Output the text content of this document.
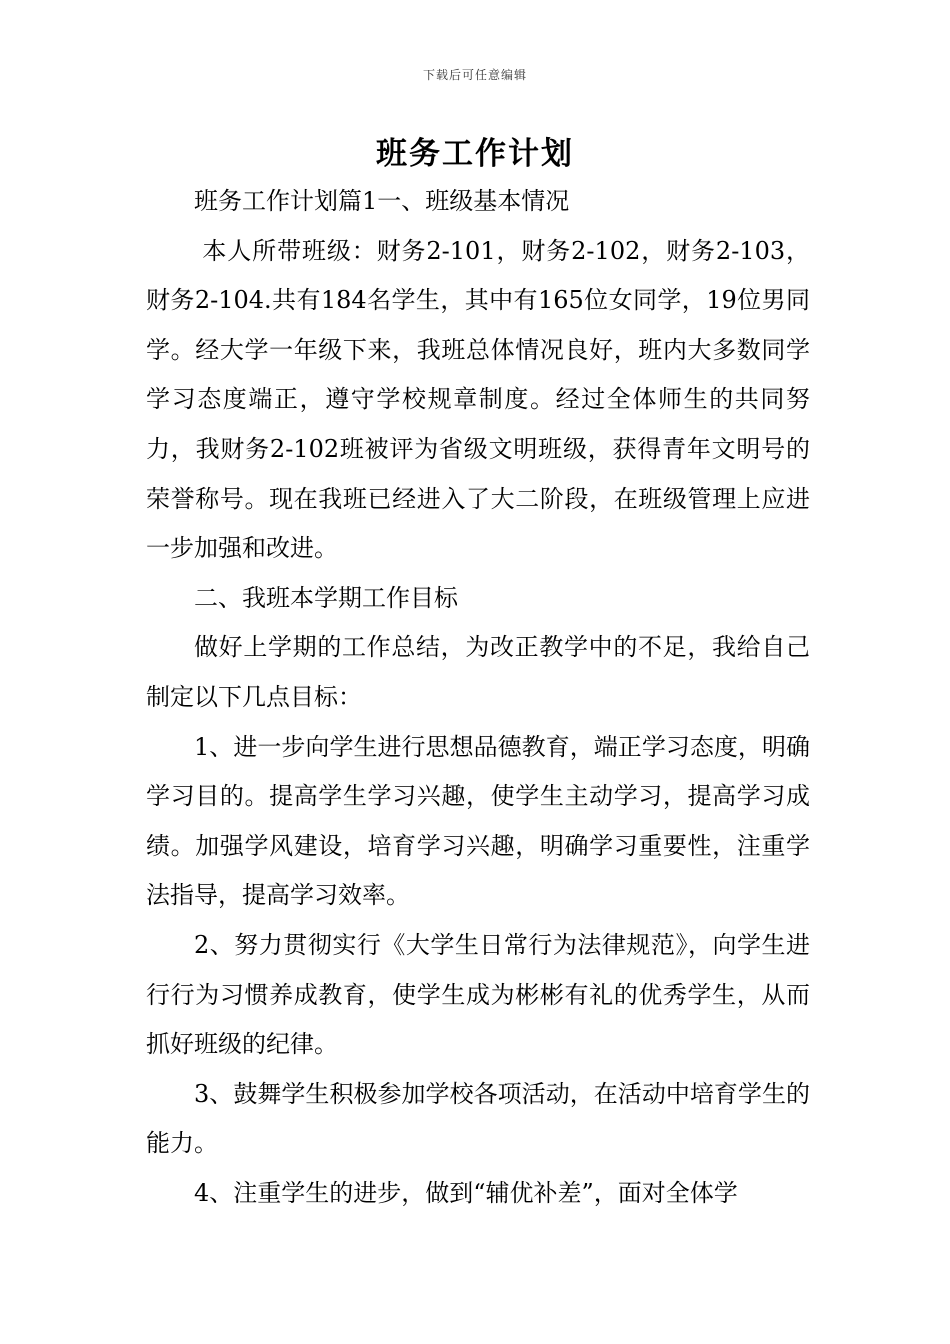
下载后可任意编辑
班务工作计划

班务工作计划篇1一、班级基本情况

本人所带班级：财务2-101，财务2-102，财务2-103，财务2-104.共有184名学生，其中有165位女同学，19位男同学。经大学一年级下来，我班总体情况良好，班内大多数同学学习态度端正，遵守学校规章制度。经过全体师生的共同努力，我财务2-102班被评为省级文明班级，获得青年文明号的荣誉称号。现在我班已经进入了大二阶段，在班级管理上应进一步加强和改进。

二、我班本学期工作目标

做好上学期的工作总结，为改正教学中的不足，我给自己制定以下几点目标：

1、进一步向学生进行思想品德教育，端正学习态度，明确学习目的。提高学生学习兴趣，使学生主动学习，提高学习成绩。加强学风建设，培育学习兴趣，明确学习重要性，注重学法指导，提高学习效率。

2、努力贯彻实行《大学生日常行为法律规范》，向学生进行行为习惯养成教育，使学生成为彬彬有礼的优秀学生，从而抓好班级的纪律。

3、鼓舞学生积极参加学校各项活动，在活动中培育学生的能力。

4、注重学生的进步，做到“辅优补差”，面对全体学
